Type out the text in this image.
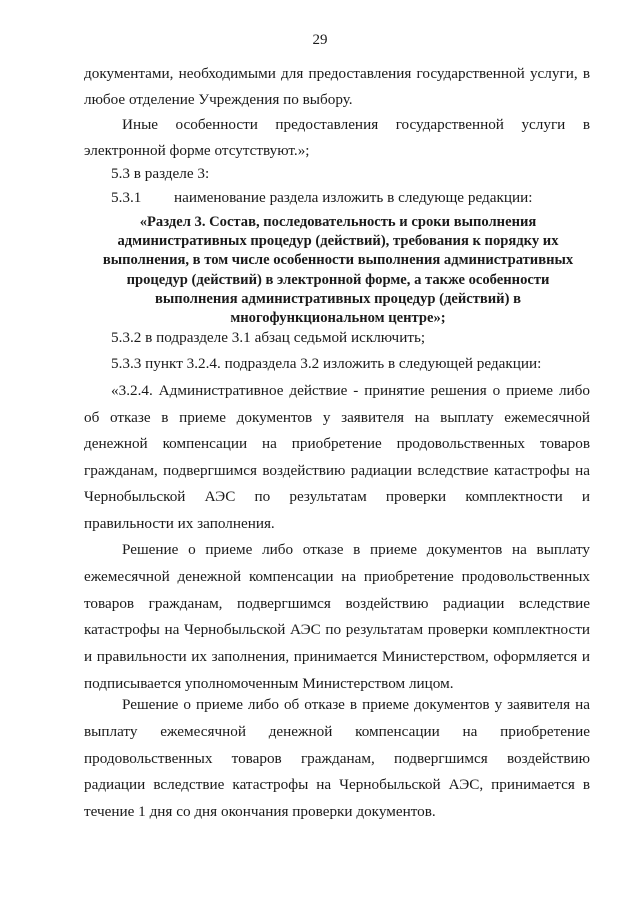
29
документами, необходимыми для предоставления государственной услуги, в
любое отделение Учреждения по выбору.
Иные особенности предоставления государственной услуги в
электронной форме отсутствуют.»;
5.3 в разделе 3:
5.3.1	наименование раздела изложить в следующе редакции:
«Раздел 3. Состав, последовательность и сроки выполнения
административных процедур (действий), требования к порядку их
выполнения, в том числе особенности выполнения административных
процедур (действий) в электронной форме, а также особенности
выполнения административных процедур (действий) в
многофункциональном центре»;
5.3.2 в подразделе 3.1 абзац седьмой исключить;
5.3.3 пункт 3.2.4. подраздела 3.2 изложить в следующей редакции:
«3.2.4. Административное действие - принятие решения о приеме либо об отказе в приеме документов у заявителя на выплату ежемесячной денежной компенсации на приобретение продовольственных товаров гражданам, подвергшимся воздействию радиации вследствие катастрофы на Чернобыльской АЭС по результатам проверки комплектности и правильности их заполнения.
Решение о приеме либо отказе в приеме документов на выплату ежемесячной денежной компенсации на приобретение продовольственных товаров гражданам, подвергшимся воздействию радиации вследствие катастрофы на Чернобыльской АЭС по результатам проверки комплектности и правильности их заполнения, принимается Министерством, оформляется и подписывается уполномоченным Министерством лицом.
Решение о приеме либо об отказе в приеме документов у заявителя на выплату ежемесячной денежной компенсации на приобретение продовольственных товаров гражданам, подвергшимся воздействию радиации вследствие катастрофы на Чернобыльской АЭС, принимается в течение 1 дня со дня окончания проверки документов.
